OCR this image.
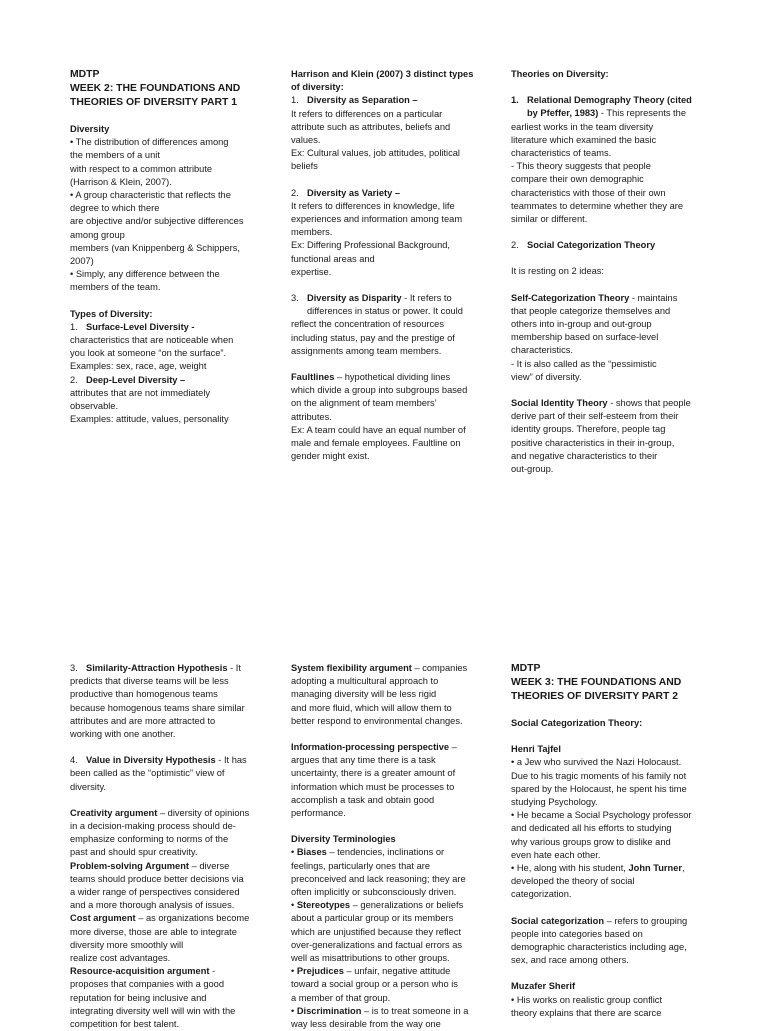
MDTP

WEEK 2: THE FOUNDATIONS AND

THEORIES OF DIVERSITY PART 1

Diversity

• The distribution of differences among

the members of a unit

with respect to a common attribute

(Harrison & Klein, 2007).

• A group characteristic that reflects the

degree to which there

are objective and/or subjective differences

among group

members (van Knippenberg & Schippers,

2007)

• Simply, any difference between the

members of the team.

Types of Diversity:

1. Surface-Level Diversity -

characteristics that are noticeable when

you look at someone “on the surface”.

Examples: sex, race, age, weight

2. Deep-Level Diversity –

attributes that are not immediately

observable.

Examples: attitude, values, personality

Harrison and Klein (2007) 3 distinct types

of diversity:

1. Diversity as Separation –

It refers to differences on a particular

attribute such as attributes, beliefs and

values.

Ex: Cultural values, job attitudes, political

beliefs

2. Diversity as Variety –

It refers to differences in knowledge, life

experiences and information among team

members.

Ex: Differing Professional Background,

functional areas and

expertise.

3. Diversity as Disparity - It refers to

differences in status or power. It could

reflect the concentration of resources

including status, pay and the prestige of

assignments among team members.

Faultlines – hypothetical dividing lines

which divide a group into subgroups based

on the alignment of team members’

attributes.

Ex: A team could have an equal number of

male and female employees. Faultline on

gender might exist.

Theories on Diversity:

1. Relational Demography Theory (cited

by Pfeffer, 1983) - This represents the

earliest works in the team diversity

literature which examined the basic

characteristics of teams.

- This theory suggests that people

compare their own demographic

characteristics with those of their own

teammates to determine whether they are

similar or different.

2. Social Categorization Theory

It is resting on 2 ideas:

Self-Categorization Theory - maintains

that people categorize themselves and

others into in-group and out-group

membership based on surface-level

characteristics.

- It is also called as the “pessimistic

view” of diversity.

Social Identity Theory - shows that people

derive part of their self-esteem from their

identity groups. Therefore, people tag

positive characteristics in their in-group,

and negative characteristics to their

out-group.

3. Similarity-Attraction Hypothesis - It

predicts that diverse teams will be less

productive than homogenous teams

because homogenous teams share similar

attributes and are more attracted to

working with one another.

4. Value in Diversity Hypothesis - It has

been called as the “optimistic” view of

diversity.

Creativity argument – diversity of opinions

in a decision-making process should de-

emphasize conforming to norms of the

past and should spur creativity.

Problem-solving Argument – diverse

teams should produce better decisions via

a wider range of perspectives considered

and a more thorough analysis of issues.

Cost argument – as organizations become

more diverse, those are able to integrate

diversity more smoothly will

realize cost advantages.

Resource-acquisition argument -

proposes that companies with a good

reputation for being inclusive and

integrating diversity well will win with the

competition for best talent.

System flexibility argument – companies

adopting a multicultural approach to

managing diversity will be less rigid

and more fluid, which will allow them to

better respond to environmental changes.

Information-processing perspective –

argues that any time there is a task

uncertainty, there is a greater amount of

information which must be processes to

accomplish a task and obtain good

performance.

Diversity Terminologies

• Biases – tendencies, inclinations or

feelings, particularly ones that are

preconceived and lack reasoning; they are

often implicitly or subconsciously driven.

• Stereotypes – generalizations or beliefs

about a particular group or its members

which are unjustified because they reflect

over-generalizations and factual errors as

well as misattributions to other groups.

• Prejudices – unfair, negative attitude

toward a social group or a person who is

a member of that group.

• Discrimination – is to treat someone in a

way less desirable from the way one

MDTP

WEEK 3: THE FOUNDATIONS AND

THEORIES OF DIVERSITY PART 2

Social Categorization Theory:

Henri Tajfel

• a Jew who survived the Nazi Holocaust.

Due to his tragic moments of his family not

spared by the Holocaust, he spent his time

studying Psychology.

• He became a Social Psychology professor

and dedicated all his efforts to studying

why various groups grow to dislike and

even hate each other.

• He, along with his student, John Turner,

developed the theory of social

categorization.

Social categorization – refers to grouping

people into categories based on

demographic characteristics including age,

sex, and race among others.

Muzafer Sherif

• His works on realistic group conflict

theory explains that there are scarce
